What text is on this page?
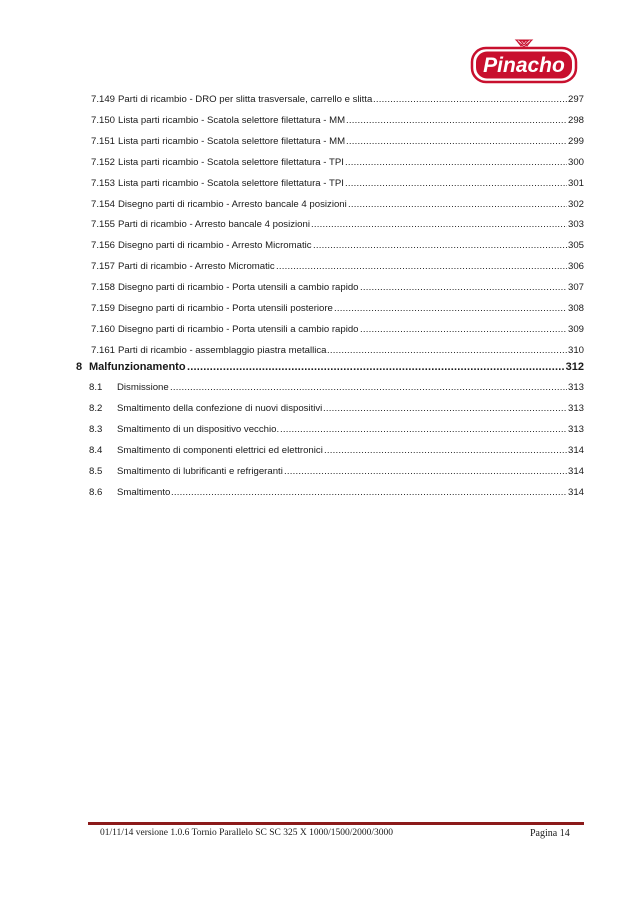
Pinacho
7.149 Parti di ricambio - DRO per slitta trasversale, carrello e slitta .....	297
7.150 Lista parti ricambio - Scatola selettore filettatura - MM .....	298
7.151 Lista parti ricambio - Scatola selettore filettatura - MM .....	299
7.152 Lista parti ricambio - Scatola selettore filettatura - TPI .....	300
7.153 Lista parti ricambio - Scatola selettore filettatura - TPI .....	301
7.154 Disegno parti di ricambio - Arresto bancale 4 posizioni .....	302
7.155 Parti di ricambio - Arresto bancale 4 posizioni .....	303
7.156 Disegno parti di ricambio - Arresto Micromatic .....	305
7.157 Parti di ricambio - Arresto Micromatic .....	306
7.158 Disegno parti di ricambio - Porta utensili a cambio rapido .....	307
7.159 Disegno parti di ricambio - Porta utensili posteriore .....	308
7.160 Disegno parti di ricambio - Porta utensili a cambio rapido .....	309
7.161 Parti di ricambio - assemblaggio piastra metallica .....	310
8 Malfunzionamento .....	312
8.1 Dismissione .....	313
8.2 Smaltimento della confezione di nuovi dispositivi .....	313
8.3 Smaltimento di un dispositivo vecchio. .....	313
8.4 Smaltimento di componenti elettrici ed elettronici .....	314
8.5 Smaltimento di lubrificanti e refrigeranti .....	314
8.6 Smaltimento .....	314
01/11/14 versione 1.0.6 Tornio Parallelo SC SC 325 X 1000/1500/2000/3000	Pagina 14
